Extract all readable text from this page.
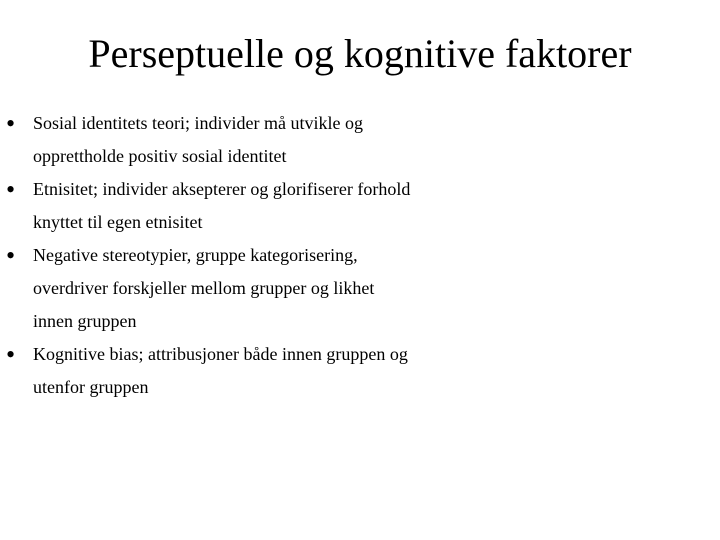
Perseptuelle og kognitive faktorer
• Sosial identitets teori; individer må utvikle og
opprettholde positiv sosial identitet
• Etnisitet; individer aksepterer og glorifiserer forhold
knyttet til egen etnisitet
• Negative stereotypier, gruppe kategorisering,
overdriver forskjeller mellom grupper og likhet
innen gruppen
• Kognitive bias; attribusjoner både innen gruppen og
utenfor gruppen
